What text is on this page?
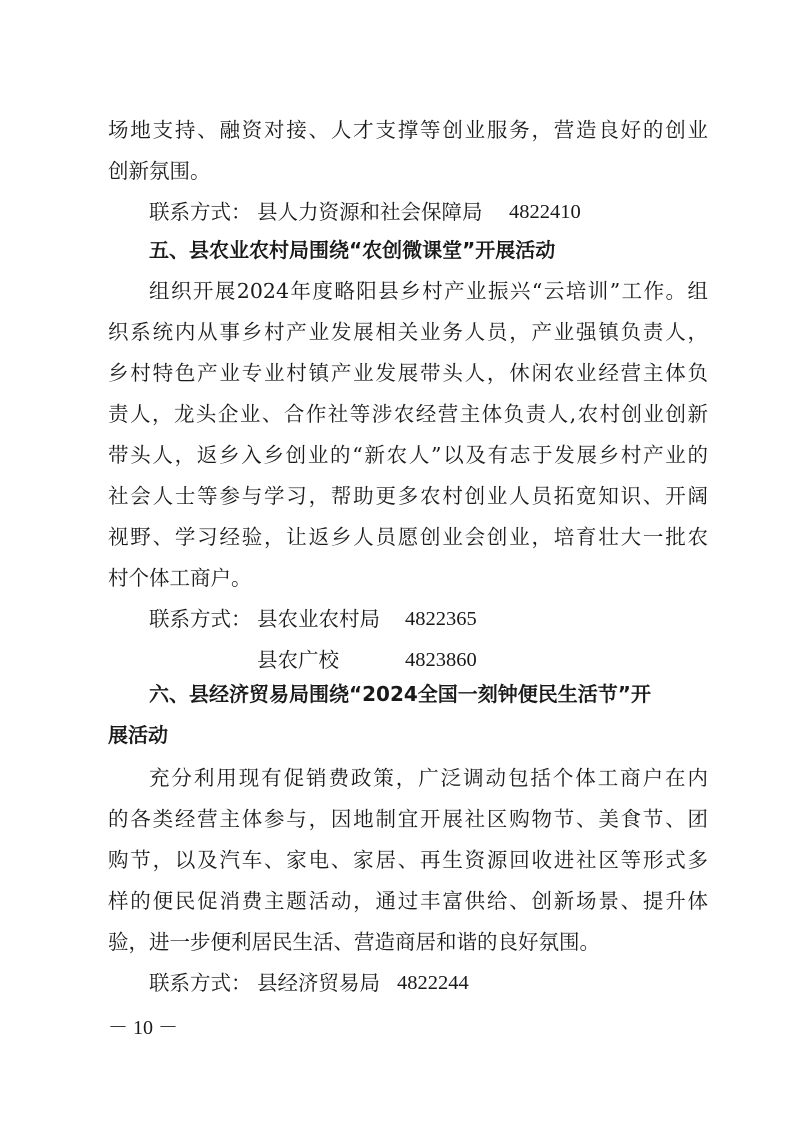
场地支持、融资对接、人才支撑等创业服务，营造良好的创业
创新氛围。
联系方式： 县人力资源和社会保障局 4822410
五、县农业农村局围绕“农创微课堂”开展活动
组织开展2024年度略阳县乡村产业振兴“云培训”工作。组
织系统内从事乡村产业发展相关业务人员，产业强镇负责人，
乡村特色产业专业村镇产业发展带头人，休闲农业经营主体负
责人，龙头企业、合作社等涉农经营主体负责人,农村创业创新
带头人，返乡入乡创业的“新农人”以及有志于发展乡村产业的
社会人士等参与学习，帮助更多农村创业人员拓宽知识、开阔
视野、学习经验，让返乡人员愿创业会创业，培育壮大一批农
村个体工商户。
联系方式： 县农业农村局 4822365
县农广校	4823860
六、县经济贸易局围绕“2024全国一刻钟便民生活节”开
展活动
充分利用现有促销费政策，广泛调动包括个体工商户在内
的各类经营主体参与，因地制宜开展社区购物节、美食节、团
购节，以及汽车、家电、家居、再生资源回收进社区等形式多
样的便民促消费主题活动，通过丰富供给、创新场景、提升体
验，进一步便利居民生活、营造商居和谐的良好氛围。
联系方式： 县经济贸易局 4822244
－ 10 －
